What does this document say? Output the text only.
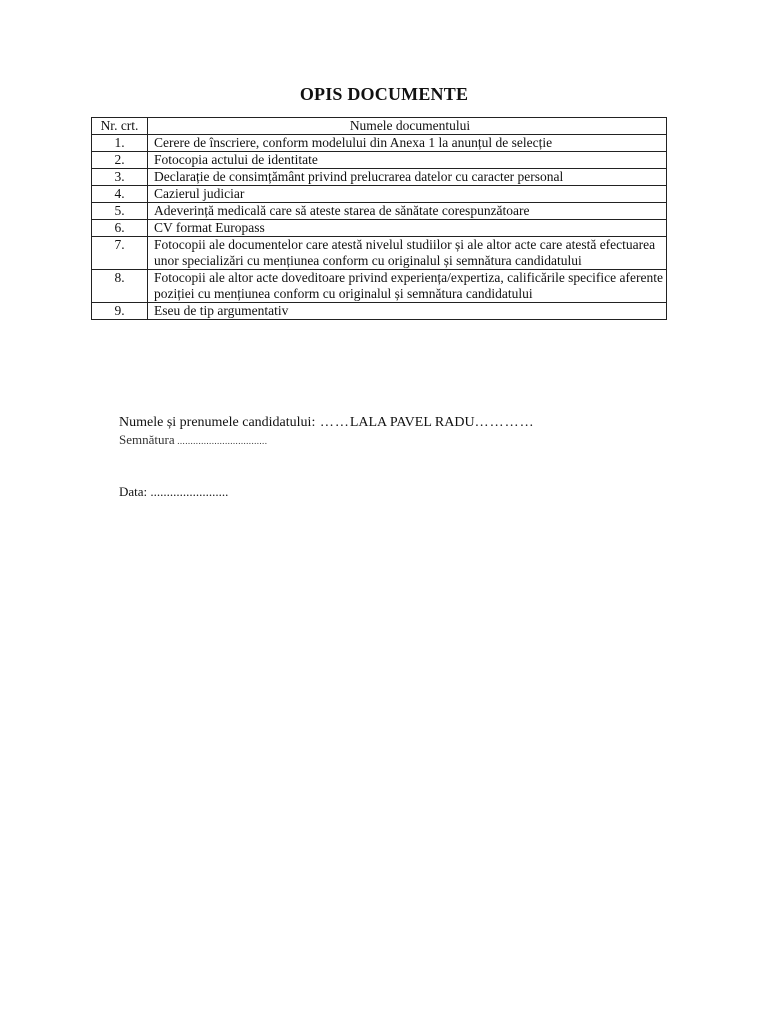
OPIS DOCUMENTE
Nr. crt.	Numele documentului
1.	Cerere de înscriere, conform modelului din Anexa 1 la anunțul de selecție
2.	Fotocopia actului de identitate
3.	Declarație de consimțământ privind prelucrarea datelor cu caracter personal
4.	Cazierul judiciar
5.	Adeverință medicală care să ateste starea de sănătate corespunzătoare
6.	CV format Europass
7.	Fotocopii ale documentelor care atestă nivelul studiilor și ale altor acte care atestă efectuarea unor specializări cu mențiunea conform cu originalul și semnătura candidatului
8.	Fotocopii ale altor acte doveditoare privind experiența/expertiza, calificările specifice aferente poziției cu mențiunea conform cu originalul și semnătura candidatului
9.	Eseu de tip argumentativ
Numele și prenumele candidatului: ……LALA PAVEL RADU…………
Semnătura ..................................
Data: ........................
